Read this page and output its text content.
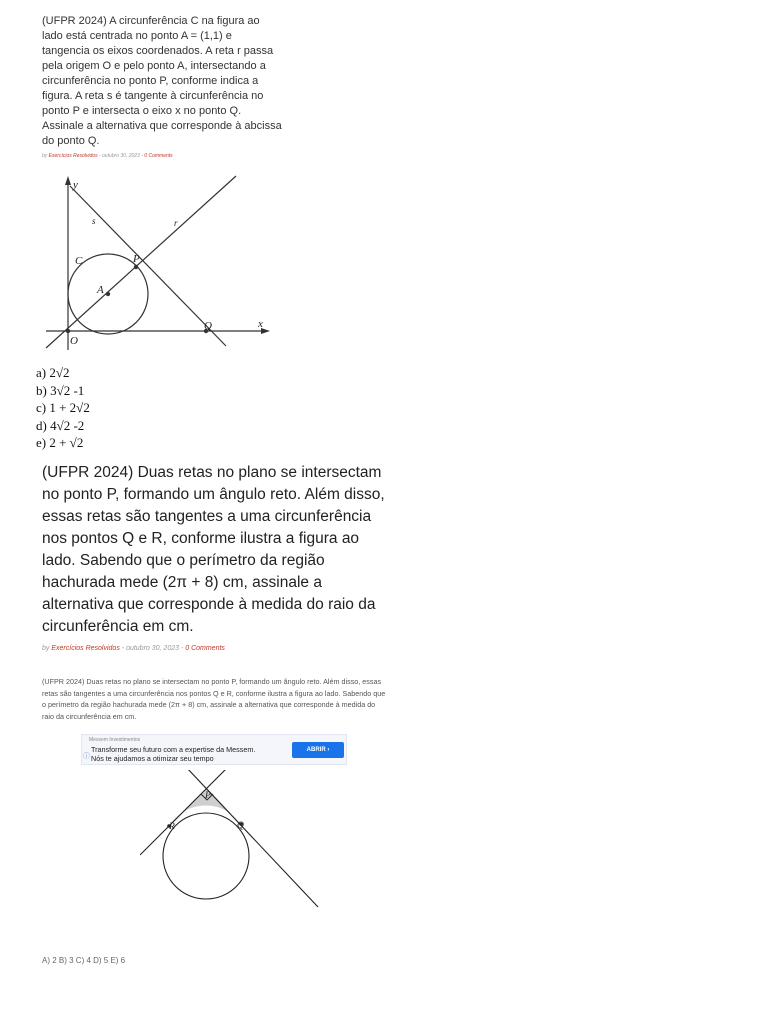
(UFPR 2024) A circunferência C na figura ao lado está centrada no ponto A = (1,1) e tangencia os eixos coordenados. A reta r passa pela origem O e pelo ponto A, intersectando a circunferência no ponto P, conforme indica a figura. A reta s é tangente à circunferência no ponto P e intersecta o eixo x no ponto Q. Assinale a alternativa que corresponde à abcissa do ponto Q.
by Exercícios Resolvidos - outubro 30, 2023 - 0 Comments
y
x
s	r
C	P
A
Q
O
a) 2√2
b) 3√2 -1
c) 1 + 2√2
d) 4√2 -2
e) 2 + √2
(UFPR 2024) Duas retas no plano se intersectam no ponto P, formando um ângulo reto. Além disso, essas retas são tangentes a uma circunferência nos pontos Q e R, conforme ilustra a figura ao lado. Sabendo que o perímetro da região hachurada mede (2π + 8) cm, assinale a alternativa que corresponde à medida do raio da circunferência em cm.
by Exercícios Resolvidos - outubro 30, 2023 - 0 Comments
(UFPR 2024) Duas retas no plano se intersectam no ponto P, formando um ângulo reto. Além disso, essas retas são tangentes a uma circunferência nos pontos Q e R, conforme ilustra a figura ao lado. Sabendo que o perímetro da região hachurada mede (2π + 8) cm, assinale a alternativa que corresponde à medida do raio da circunferência em cm.
Messem Investimentos
ⓘ
Transforme seu futuro com a expertise da Messem.
Nós te ajudamos a otimizar seu tempo
ABRIR ›
P
R	Q
A) 2 B) 3 C) 4 D) 5 E) 6
